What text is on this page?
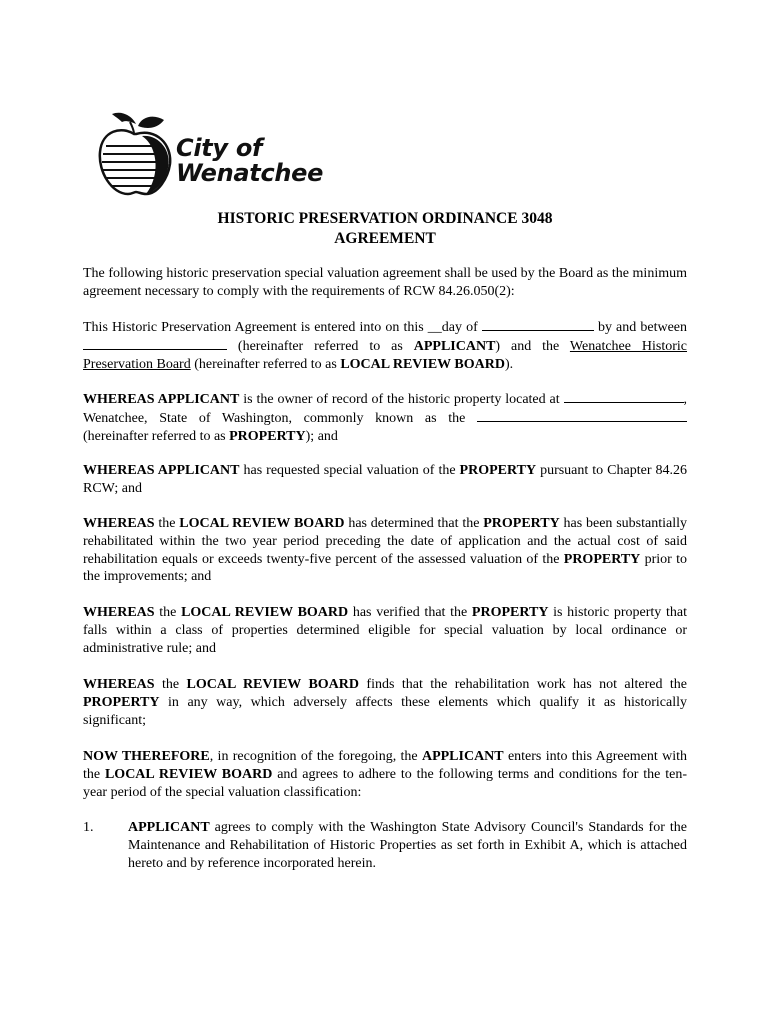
City of
Wenatchee
HISTORIC PRESERVATION ORDINANCE 3048
AGREEMENT
The following historic preservation special valuation agreement shall be used by the Board as the minimum agreement necessary to comply with the requirements of RCW 84.26.050(2):
This Historic Preservation Agreement is entered into on this __day of	by and between  (hereinafter referred to as APPLICANT) and the Wenatchee Historic Preservation Board (hereinafter referred to as LOCAL REVIEW BOARD).
WHEREAS APPLICANT is the owner of record of the historic property located at	, Wenatchee, State of Washington, commonly known as the  (hereinafter referred to as PROPERTY); and
WHEREAS APPLICANT has requested special valuation of the PROPERTY pursuant to Chapter 84.26 RCW; and
WHEREAS the LOCAL REVIEW BOARD has determined that the PROPERTY has been substantially rehabilitated within the two year period preceding the date of application and the actual cost of said rehabilitation equals or exceeds twenty-five percent of the assessed valuation of the PROPERTY prior to the improvements; and
WHEREAS the LOCAL REVIEW BOARD has verified that the PROPERTY is historic property that falls within a class of properties determined eligible for special valuation by local ordinance or administrative rule; and
WHEREAS the LOCAL REVIEW BOARD finds that the rehabilitation work has not altered the PROPERTY in any way, which adversely affects these elements which qualify it as historically significant;
NOW THEREFORE, in recognition of the foregoing, the APPLICANT enters into this Agreement with the LOCAL REVIEW BOARD and agrees to adhere to the following terms and conditions for the ten-year period of the special valuation classification:
1. APPLICANT agrees to comply with the Washington State Advisory Council's Standards for the Maintenance and Rehabilitation of Historic Properties as set forth in Exhibit A, which is attached hereto and by reference incorporated herein.
